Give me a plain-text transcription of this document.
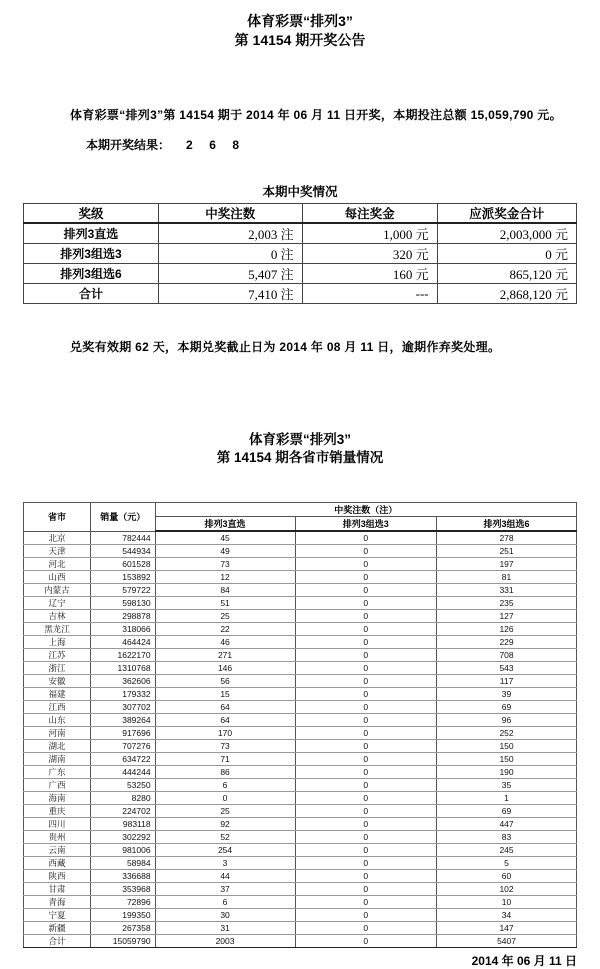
体育彩票“排列3”
第 14154 期开奖公告
体育彩票“排列3”第 14154 期于 2014 年 06 月 11 日开奖，本期投注总额 15,059,790 元。
本期开奖结果： 2 6 8
本期中奖情况
奖级	中奖注数	每注奖金	应派奖金合计
排列3直选	2,003 注	1,000 元	2,003,000 元
排列3组选3	0 注	320 元	0 元
排列3组选6	5,407 注	160 元	865,120 元
合计	7,410 注	---	2,868,120 元
兑奖有效期 62 天，本期兑奖截止日为 2014 年 08 月 11 日，逾期作弃奖处理。
体育彩票“排列3”
第 14154 期各省市销量情况
省市	销量（元）	中奖注数（注）		
		排列3直选	排列3组选3	排列3组选6
北京	782444	45	0	278
天津	544934	49	0	251
河北	601528	73	0	197
山西	153892	12	0	81
内蒙古	579722	84	0	331
辽宁	598130	51	0	235
吉林	298878	25	0	127
黑龙江	318066	22	0	126
上海	464424	46	0	229
江苏	1622170	271	0	708
浙江	1310768	146	0	543
安徽	362606	56	0	117
福建	179332	15	0	39
江西	307702	64	0	69
山东	389264	64	0	96
河南	917696	170	0	252
湖北	707276	73	0	150
湖南	634722	71	0	150
广东	444244	86	0	190
广西	53250	6	0	35
海南	8280	0	0	1
重庆	224702	25	0	69
四川	983118	92	0	447
贵州	302292	52	0	83
云南	981006	254	0	245
西藏	58984	3	0	5
陕西	336688	44	0	60
甘肃	353968	37	0	102
青海	72896	6	0	10
宁夏	199350	30	0	34
新疆	267358	31	0	147
合计	15059790	2003	0	5407
2014 年 06 月 11 日
